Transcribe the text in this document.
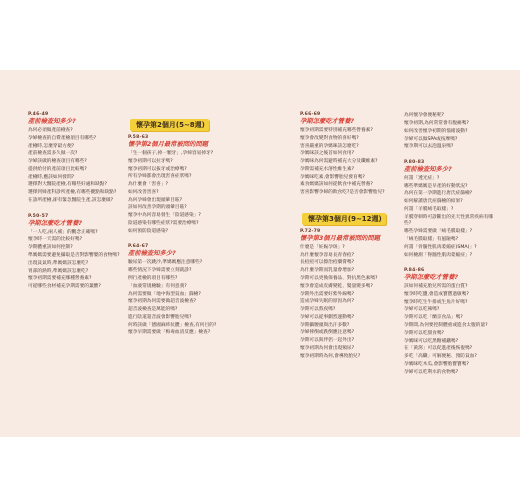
P.46-49
產前檢查知多少?
為何必須做產前檢查?
孕婦檢查的自費產檢項目有哪些?
產檢時,怎麼穿最方便?
產前檢查需多久做一次?
孕婦該做的檢查項目有哪些?
提供給付的產前項目比較嗎?
產檢時,應該如何發問?
選擇對大醫院產檢,有哪些好處和缺點?
選擇到婦產科診所產檢,有哪些優點和缺點?
在診所產檢,卻有緊急醫院生產,該怎麼做?
P.50-57
孕期怎麼吃才營養?
「一人吃,兩人補」的觀念正確嗎?
懷孕時一天需的比較好嗎?
孕期體重該如何控制?
準媽媽需要避免攝取是否對影響嬰的食物嗎?
出現貧氣時,準媽媽該怎麼吃?
胃部的熱時,準媽媽該怎麼吃?
懷孕初期需要補充哪種營養素?
可從哪些食材補充孕期需要的葉酸?
懷孕第2個月(5~8週)
P.58-63
懷孕第2個月最常被問的問題
「生一個孩子,掉一顆牙」,孕婦容易掉牙?
懷孕初期可以拉牙嗎?
懷孕初期可以拔牙或治療嗎?
所有孕婦都會出現害喜症狀嗎?
為什麼會「害喜」?
如何改善害喜?
為何孕婦會出現頭暈目眩?
該如何改善孕期的頭暈目眩?
懷孕中為何容易發生「陰道感染」?
陰道感染有哪些症狀?需要治療嗎?
如何預防陰道感染?
P.64-67
產前檢查知多少?
驗尿第一次跳沙,準媽媽應注意哪些?
哪些情況下孕婦需要立刻就診?
例行產檢的項目有哪些?
「血液常規檢驗」有何意義?
為何需要做「地中海型貧血」篩檢?
懷孕初期為何需要做超音波檢查?
超音波檢查是萬能的嗎?
進行陰道超音波會影響胎兒嗎?
何時該做「德國麻疹抗體」檢查,有何目的?
懷孕早期需要做「梅毒血清反應」檢查?
P.66-69
孕期怎麼吃才營養?
懷孕初期需要特別補充哪些營養素?
懷孕會改變對食物的喜好嗎?
害喜嚴重的孕媽咪該怎麼吃?
孕媽咪該之後首如何食用?
孕媽咪為何需避時補充大分及纖維素?
孕期需補充水溶性維生素?
孕媽咪吃素,會影響胎兒發育嗎?
素食媽媽該如何從飲食中補充營養?
害喜影響孕婦的飲食吃?是否會影響胎兒?
懷孕第3個月(9~12週)
P.72-79
懷孕第3個月最常被問的問題
什麼是「妊娠孕斑」?
為什麼懷孕容易長青春痘?
長痘痘可以擦治痘藥膏嗎?
為什麼孕期而乳量會增加?
孕期可以更換保養品、對抗黑色素嗎?
懷孕會造成皮膚變乾、髮量變多嗎?
孕期外出需要好紫外線嗎?
造成孕婦失眠的原因為何?
孕期可以熬夜嗎?
孕婦可以從事劇烈運動嗎?
孕期攝腰頭與出汗多數?
孕婦摔倒或跌倒應注意嗎?
孕期可以與伴侶一起外出?
懷孕初期為何會出現頻尿?
懷孕初期時為何,會導致胎兒?
為何懷孕會便秘呢?
懷孕初期,為何常常會有腹痛嗎?
如何改善懷孕初期的惱緒波動?
孕婦可以做SPA或按摩嗎?
懷孕期可以去泡溫泉嗎?
P.80-83
產前檢查知多少?
何謂「透光症」?
哪些準媽媽是早產的好動狀況?
為何在第一孕期進行唐氏症篩檢?
如何解讀唐氏症篩檢的結果?
何謂「羊膜絨毛取樣」?
羊膜穿刺時可診斷出的先天性異常疾病有哪些?
哪些孕婦需要做「絨毛膜取樣」?
「絨毛膜取樣」有風險嗎?
何謂「骨髓性肌肉萎縮症(SMA)」?
如何檢測「脊髓性肌肉萎縮症」?
P.84-86
孕期怎麼吃才營養?
該如何補充胎兒所需的蛋白質?
懷孕時吃鹽,會造成寶寶過敏嗎?
懷孕時吃生牛排或生魚片好嗎?
孕婦可以吃辣嗎?
孕期可以吃「蘭京食品」嗎?
孕期間,為何要控制體重或進食太腹的量?
孕期可以吃甜食嗎?
孕媽咪可以吃黑糖補鐵嗎?
在「黃瀉」可以促進產後恢復嗎?
多吃「高纖」可解便秘、預防貧血?
孕媽咪吃木瓜,會影響胎寶寶嗎?
孕婦可以吃利水的食物嗎?
